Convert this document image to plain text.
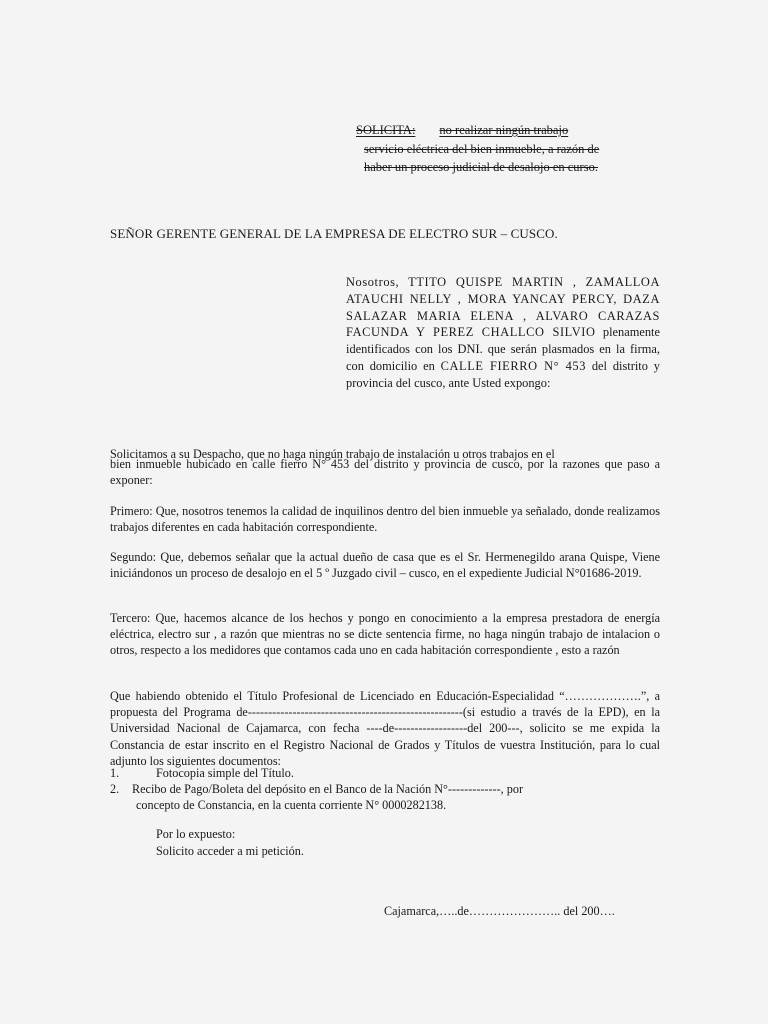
SOLICITA: no realizar ningún trabajo
servicio eléctrica del bien inmueble, a razón de
haber un proceso judicial de desalojo en curso.
SEÑOR GERENTE GENERAL DE LA EMPRESA DE ELECTRO SUR – CUSCO.
Nosotros, TTITO QUISPE MARTIN , ZAMALLOA ATAUCHI NELLY , MORA YANCAY PERCY, DAZA SALAZAR MARIA ELENA , ALVARO CARAZAS FACUNDA Y PEREZ CHALLCO SILVIO plenamente identificados con los DNI. que serán plasmados en la firma, con domicilio en CALLE FIERRO N° 453 del distrito y provincia del cusco, ante Usted expongo:
Solicitamos a su Despacho, que no haga ningún trabajo de instalación u otros trabajos en el
bien inmueble hubicado en calle fierro N° 453 del distrito y provincia de cusco, por la razones que paso a exponer:
Primero: Que, nosotros tenemos la calidad de inquilinos dentro del bien inmueble ya señalado, donde realizamos trabajos diferentes en cada habitación correspondiente.
Segundo: Que, debemos señalar que la actual dueño de casa que es el Sr. Hermenegildo arana Quispe, Viene iniciándonos un proceso de desalojo en el 5 º Juzgado civil – cusco, en el expediente Judicial N°01686-2019.
Tercero: Que, hacemos alcance de los hechos y pongo en conocimiento a la empresa prestadora de energía eléctrica, electro sur , a razón que mientras no se dicte sentencia firme, no haga ningún trabajo de intalacion o otros, respecto a los medidores que contamos cada uno en cada habitación correspondiente , esto a razón
Que habiendo obtenido el Título Profesional de Licenciado en Educación-Especialidad “……………….”, a propuesta del Programa de-----------------------------------------------------(si estudio a través de la EPD), en la Universidad Nacional de Cajamarca, con fecha ----de------------------del 200---, solicito se me expida la Constancia de estar inscrito en el Registro Nacional de Grados y Títulos de vuestra Institución, para lo cual adjunto los siguientes documentos:
1.	Fotocopia simple del Título.
2.	Recibo de Pago/Boleta del depósito en el Banco de la Nación N°-------------, por
concepto de Constancia, en la cuenta corriente N° 0000282138.
Por lo expuesto:
Solicito acceder a mi petición.
Cajamarca,…..de………………….. del 200….
